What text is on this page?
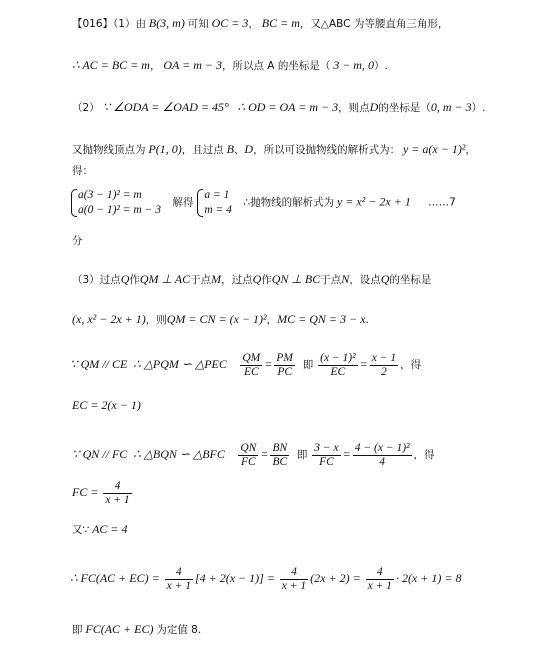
【016】（1）由 B(3, m) 可知 OC = 3， BC = m，又△ABC 为等腰直角三角形，
∴ AC = BC = m， OA = m − 3，所以点 A 的坐标是（ 3 − m, 0）.
（2） ∵ ∠ODA = ∠OAD = 45° ∴ OD = OA = m − 3，则点D的坐标是（0, m − 3）.
又抛物线顶点为 P(1, 0)，且过点 B、D，所以可设抛物线的解析式为： y = a(x − 1)²，
得：
a(3 − 1)² = m
a(0 − 1)² = m − 3
解得
a = 1
m = 4
∴抛物线的解析式为 y = x² − 2x + 1 ……7
分
（3）过点Q作QM ⊥ AC于点M，过点Q作QN ⊥ BC于点N，设点Q的坐标是
(x, x² − 2x + 1)，则QM = CN = (x − 1)²，MC = QN = 3 − x.
∵ QM // CE ∴ △PQM ∽ △PEC $\frac{QM}{EC} = \frac{PM}{PC}$ 即 $\frac{\text{(x − 1)²}}{EC} = \frac{x - 1}{2}$ ，得
EC = 2(x − 1)
∵ QN // FC ∴ △BQN ∽ △BFC $\frac{QN}{FC} = \frac{BN}{BC}$ 即 $\frac{3 - x}{FC} = \frac{\text{4 − (x − 1)²}}{4}$ ，得
FC = $\frac{4}{x + 1}$
又∵ AC = 4
∴ $FC(AC + EC) = \frac{4}{x + 1} [4 + 2(x - 1)] = \frac{4}{x + 1} (2x + 2) = \frac{4}{x + 1} \cdot 2(x + 1) = 8$
即 FC(AC + EC) 为定值 8.
